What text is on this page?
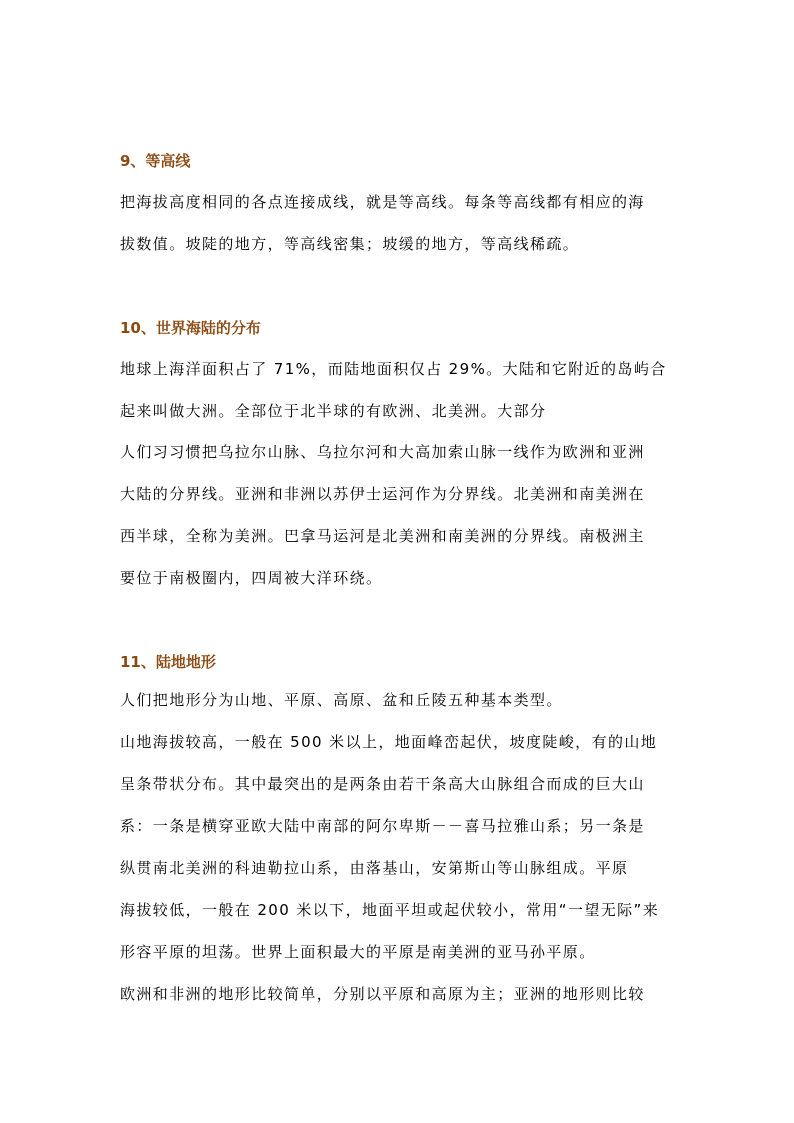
9、等高线

把海拔高度相同的各点连接成线，就是等高线。每条等高线都有相应的海

拔数值。坡陡的地方，等高线密集；坡缓的地方，等高线稀疏。

10、世界海陆的分布

地球上海洋面积占了 71%，而陆地面积仅占 29%。大陆和它附近的岛屿合

起来叫做大洲。全部位于北半球的有欧洲、北美洲。大部分

人们习习惯把乌拉尔山脉、乌拉尔河和大高加索山脉一线作为欧洲和亚洲

大陆的分界线。亚洲和非洲以苏伊士运河作为分界线。北美洲和南美洲在

西半球，全称为美洲。巴拿马运河是北美洲和南美洲的分界线。南极洲主

要位于南极圈内，四周被大洋环绕。

11、陆地地形

人们把地形分为山地、平原、高原、盆和丘陵五种基本类型。

山地海拔较高，一般在 500 米以上，地面峰峦起伏，坡度陡峻，有的山地

呈条带状分布。其中最突出的是两条由若干条高大山脉组合而成的巨大山

系：一条是横穿亚欧大陆中南部的阿尔卑斯－－喜马拉雅山系；另一条是

纵贯南北美洲的科迪勒拉山系，由落基山，安第斯山等山脉组成。平原

海拔较低，一般在 200 米以下，地面平坦或起伏较小，常用“一望无际”来

形容平原的坦荡。世界上面积最大的平原是南美洲的亚马孙平原。

欧洲和非洲的地形比较简单，分别以平原和高原为主；亚洲的地形则比较
